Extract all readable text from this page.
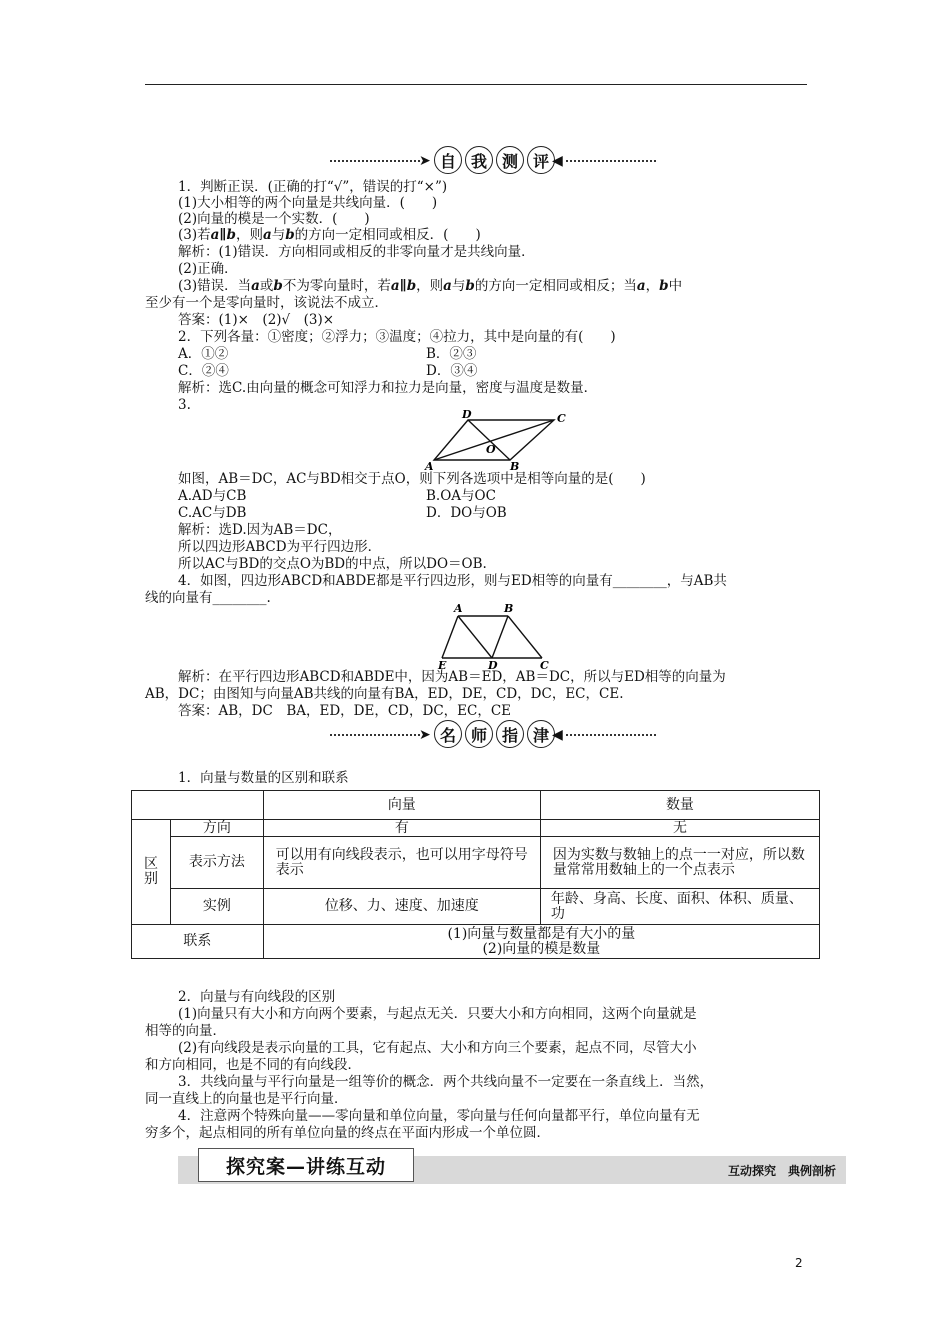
➤ 自 我 测 评 ◀
1．判断正误．(正确的打“√”，错误的打“×”)
(1)大小相等的两个向量是共线向量．(　　)
(2)向量的模是一个实数．(　　)
(3)若a∥b，则a与b的方向一定相同或相反．(　　)
解析：(1)错误．方向相同或相反的非零向量才是共线向量．
(2)正确．
(3)错误．当a或b不为零向量时，若a∥b，则a与b的方向一定相同或相反；当a，b中
至少有一个是零向量时，该说法不成立．
答案：(1)×　(2)√　(3)×
2．下列各量：①密度；②浮力；③温度；④拉力，其中是向量的有(　　)
A．①②	B．②③
C．②④	D．③④
解析：选C.由向量的概念可知浮力和拉力是向量，密度与温度是数量．
3.
A	B
C
D
O
如图，AB＝DC，AC与BD相交于点O，则下列各选项中是相等向量的是(　　)
A.AD与CB	B.OA与OC
C.AC与DB	D．DO与OB
解析：选D.因为AB＝DC，
所以四边形ABCD为平行四边形．
所以AC与BD的交点O为BD的中点，所以DO＝OB.
4．如图，四边形ABCD和ABDE都是平行四边形，则与ED相等的向量有________，与AB共
线的向量有________.
A	B
C
D
E
解析：在平行四边形ABCD和ABDE中，因为AB＝ED，AB＝DC，所以与ED相等的向量为
AB，DC；由图知与向量AB共线的向量有BA，ED，DE，CD，DC，EC，CE.
答案：AB，DC　BA，ED，DE，CD，DC，EC，CE
➤ 名 师 指 津 ◀
1．向量与数量的区别和联系
		向量	数量
区别	方向	有	无
	表示方法	可以用有向线段表示，也可以用字母符号表示	因为实数与数轴上的点一一对应，所以数量常常用数轴上的一个点表示
	实例	位移、力、速度、加速度	年龄、身高、长度、面积、体积、质量、功
联系		(1)向量与数量都是有大小的量
(2)向量的模是数量	
2．向量与有向线段的区别
(1)向量只有大小和方向两个要素，与起点无关．只要大小和方向相同，这两个向量就是
相等的向量．
(2)有向线段是表示向量的工具，它有起点、大小和方向三个要素，起点不同，尽管大小
和方向相同，也是不同的有向线段．
3．共线向量与平行向量是一组等价的概念．两个共线向量不一定要在一条直线上．当然，
同一直线上的向量也是平行向量．
4．注意两个特殊向量——零向量和单位向量，零向量与任何向量都平行，单位向量有无
穷多个，起点相同的所有单位向量的终点在平面内形成一个单位圆．
探究案—讲练互动	互动探究　典例剖析
2
